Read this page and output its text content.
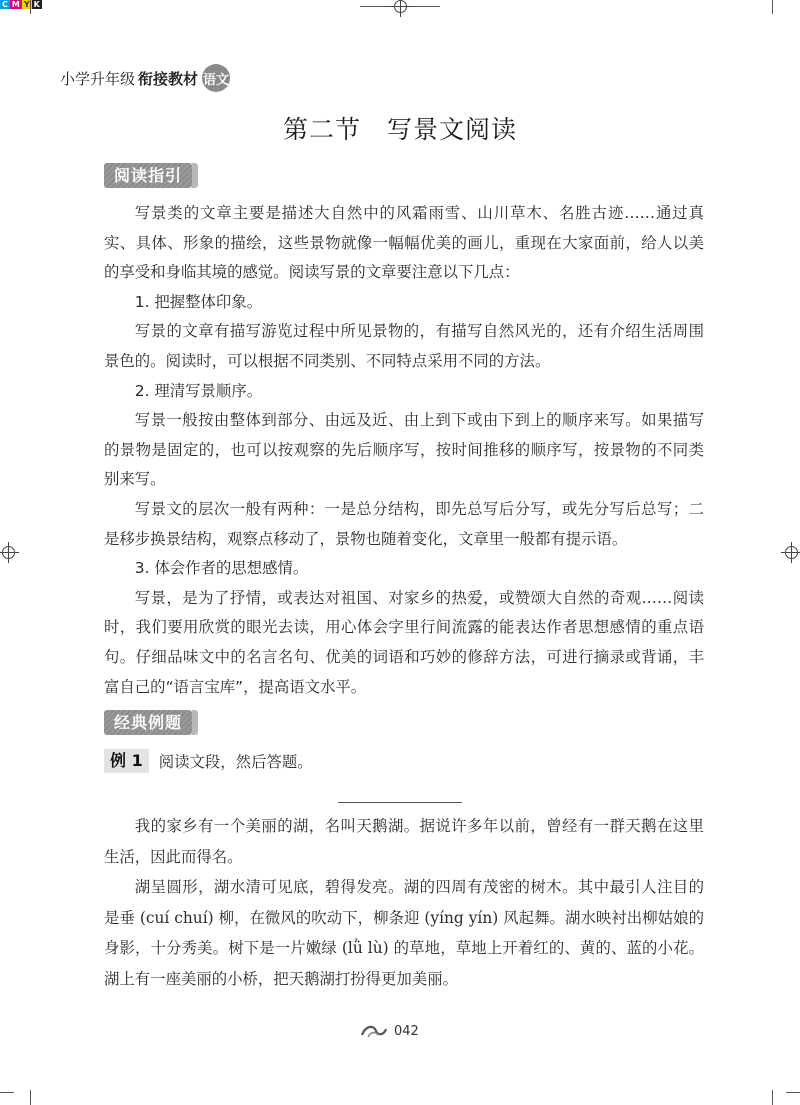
C M Y K
小学升年级 衔接教材 语文
第二节 写景文阅读
阅读指引

写景类的文章主要是描述大自然中的风霜雨雪、山川草木、名胜古迹……通过真实、具体、形象的描绘，这些景物就像一幅幅优美的画儿，重现在大家面前，给人以美的享受和身临其境的感觉。阅读写景的文章要注意以下几点：

1. 把握整体印象。

写景的文章有描写游览过程中所见景物的，有描写自然风光的，还有介绍生活周围景色的。阅读时，可以根据不同类别、不同特点采用不同的方法。

2. 理清写景顺序。

写景一般按由整体到部分、由远及近、由上到下或由下到上的顺序来写。如果描写的景物是固定的，也可以按观察的先后顺序写，按时间推移的顺序写，按景物的不同类别来写。

写景文的层次一般有两种：一是总分结构，即先总写后分写，或先分写后总写；二是移步换景结构，观察点移动了，景物也随着变化，文章里一般都有提示语。

3. 体会作者的思想感情。

写景，是为了抒情，或表达对祖国、对家乡的热爱，或赞颂大自然的奇观……阅读时，我们要用欣赏的眼光去读，用心体会字里行间流露的能表达作者思想感情的重点语句。仔细品味文中的名言名句、优美的词语和巧妙的修辞方法，可进行摘录或背诵，丰富自己的“语言宝库”，提高语文水平。

经典例题
例 1	阅读文段，然后答题。

我的家乡有一个美丽的湖，名叫天鹅湖。据说许多年以前，曾经有一群天鹅在这里生活，因此而得名。

湖呈圆形，湖水清可见底，碧得发亮。湖的四周有茂密的树木。其中最引人注目的是垂 (cuí chuí) 柳，在微风的吹动下，柳条迎 (yíng yín) 风起舞。湖水映衬出柳姑娘的身影，十分秀美。树下是一片嫩绿 (lǜ lù) 的草地，草地上开着红的、黄的、蓝的小花。湖上有一座美丽的小桥，把天鹅湖打扮得更加美丽。

042
